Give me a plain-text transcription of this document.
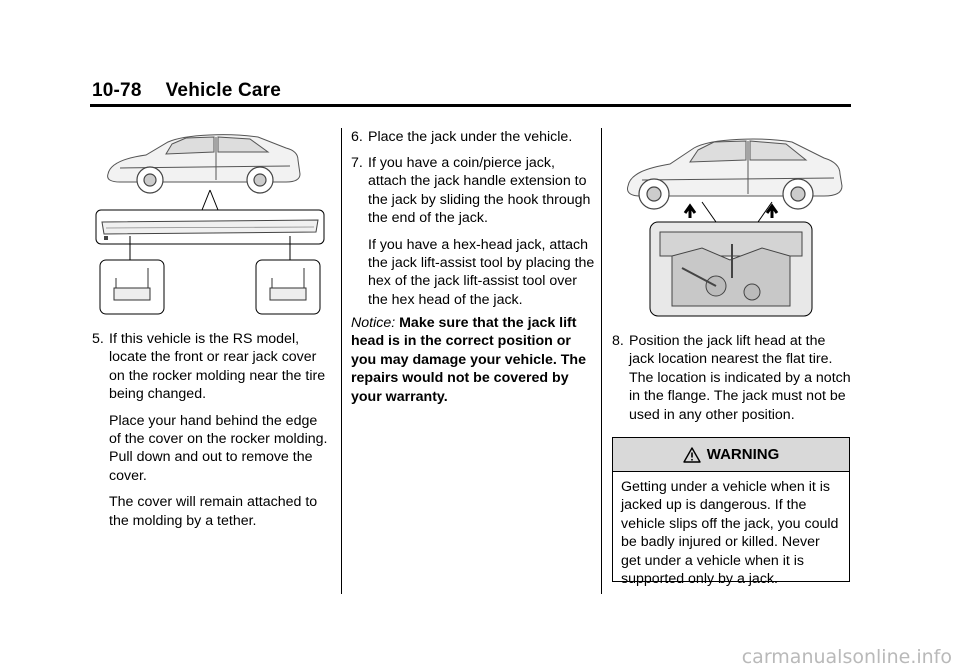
10-78 Vehicle Care
5. If this vehicle is the RS model, locate the front or rear jack cover on the rocker molding near the tire being changed.
Place your hand behind the edge of the cover on the rocker molding. Pull down and out to remove the cover.
The cover will remain attached to the molding by a tether.
6. Place the jack under the vehicle.
7. If you have a coin/pierce jack, attach the jack handle extension to the jack by sliding the hook through the end of the jack.
If you have a hex-head jack, attach the jack lift-assist tool by placing the hex of the jack lift-assist tool over the hex head of the jack.
Notice: Make sure that the jack lift head is in the correct position or you may damage your vehicle. The repairs would not be covered by your warranty.
8. Position the jack lift head at the jack location nearest the flat tire. The location is indicated by a notch in the flange. The jack must not be used in any other position.
WARNING
Getting under a vehicle when it is jacked up is dangerous. If the vehicle slips off the jack, you could be badly injured or killed. Never get under a vehicle when it is supported only by a jack.
carmanualsonline.info
